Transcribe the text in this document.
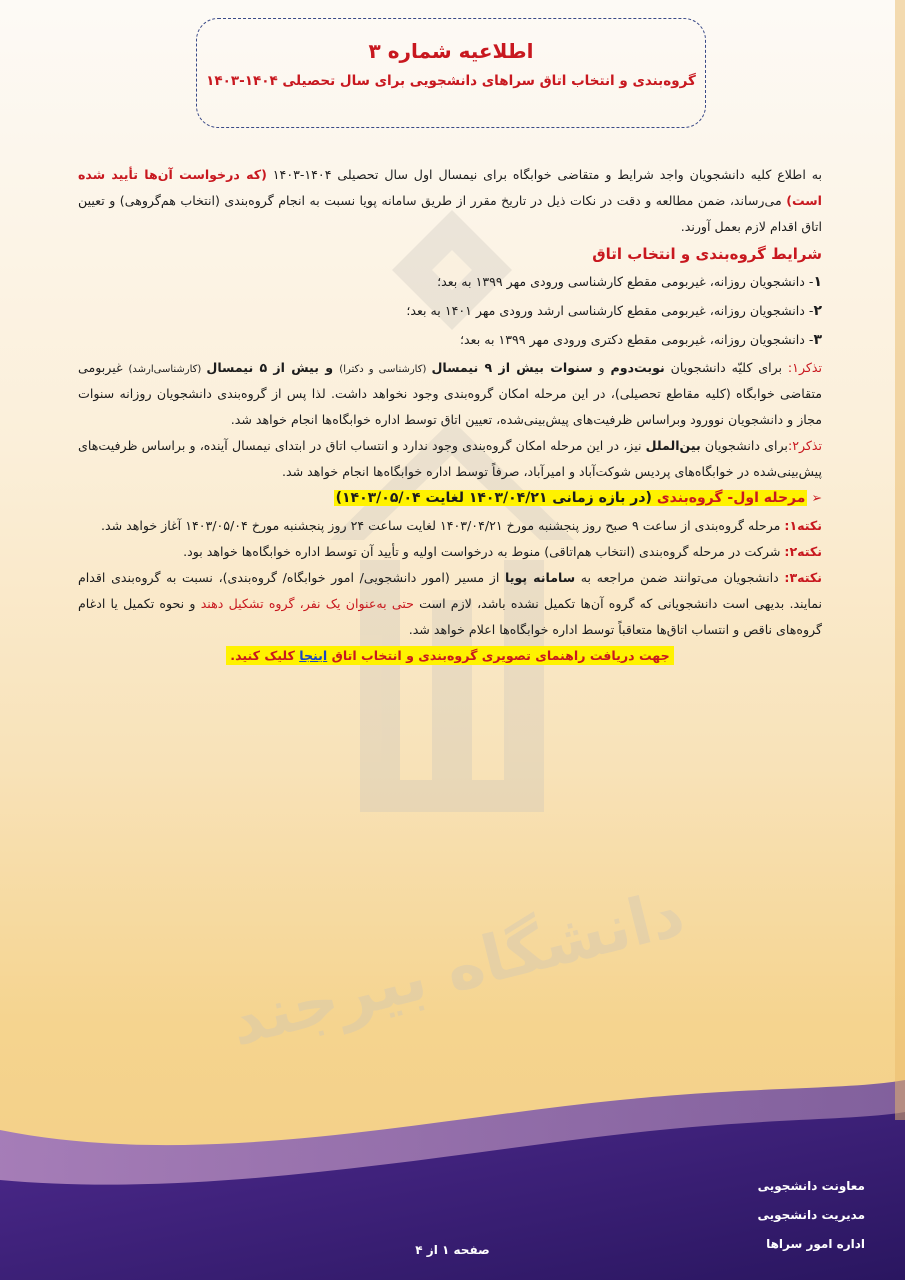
دانشگاه بیرجند
اطلاعیه شماره ۳
گروه‌بندی و انتخاب اتاق سراهای دانشجویی برای سال تحصیلی ۱۴۰۴-۱۴۰۳

به اطلاع کلیه دانشجویان واجد شرایط و متقاضی خوابگاه برای نیمسال اول سال تحصیلی ۱۴۰۴-۱۴۰۳ (که درخواست آن‌ها تأیید شده است) می‌رساند، ضمن مطالعه و دقت در نکات ذیل در تاریخ مقرر از طریق سامانه پویا نسبت به انجام گروه‌بندی (انتخاب هم‌گروهی) و تعیین اتاق اقدام لازم بعمل آورند.

شرایط گروه‌بندی و انتخاب اتاق

۱- دانشجویان روزانه، غیربومی مقطع کارشناسی ورودی مهر ۱۳۹۹ به بعد؛

۲- دانشجویان روزانه، غیربومی مقطع کارشناسی ارشد ورودی مهر ۱۴۰۱ به بعد؛

۳- دانشجویان روزانه، غیربومی مقطع دکتری ورودی مهر ۱۳۹۹ به بعد؛

تذکر۱: برای کلیّه دانشجویان نوبت‌دوم و سنوات بیش از ۹ نیمسال (کارشناسی و دکترا) و بیش از ۵ نیمسال (کارشناسی‌ارشد) غیربومی متقاضی خوابگاه (کلیه مقاطع تحصیلی)، در این مرحله امکان گروه‌بندی وجود نخواهد داشت. لذا پس از گروه‌بندی دانشجویان روزانه سنوات مجاز و دانشجویان نوورود وبراساس ظرفیت‌های پیش‌بینی‌شده، تعیین اتاق توسط اداره خوابگاه‌ها انجام خواهد شد.

تذکر۲:برای دانشجویان بین‌الملل نیز، در این مرحله امکان گروه‌بندی وجود ندارد و انتساب اتاق در ابتدای نیمسال آینده، و براساس ظرفیت‌های پیش‌بینی‌شده در خوابگاه‌های پردیس شوکت‌آباد و امیرآباد، صرفاً توسط اداره خوابگاه‌ها انجام خواهد شد.

➢ مرحله اول- گروه‌بندی (در بازه زمانی ۱۴۰۳/۰۴/۲۱ لغایت ۱۴۰۳/۰۵/۰۴)

نکته۱: مرحله گروه‌بندی از ساعت ۹ صبح روز پنجشنبه مورخ ۱۴۰۳/۰۴/۲۱ لغایت ساعت ۲۴ روز پنجشنبه مورخ ۱۴۰۳/۰۵/۰۴ آغاز خواهد شد.

نکته۲: شرکت در مرحله گروه‌بندی (انتخاب هم‌اتاقی) منوط به درخواست اولیه و تأیید آن توسط اداره خوابگاه‌ها خواهد بود.

نکته۳: دانشجویان می‌توانند ضمن مراجعه به سامانه پویا از مسیر (امور دانشجویی/ امور خوابگاه/ گروه‌بندی)، نسبت به گروه‌بندی اقدام نمایند. بدیهی است دانشجویانی که گروه آن‌ها تکمیل نشده باشد، لازم است حتی به‌عنوان یک نفر، گروه تشکیل دهند و نحوه تکمیل یا ادغام گروه‌های ناقص و انتساب اتاق‌ها متعاقباً توسط اداره خوابگاه‌ها اعلام خواهد شد.

جهت دریافت راهنمای تصویری گروه‌بندی و انتخاب اتاق اینجا کلیک کنید.

معاونت دانشجویی
مدیریت دانشجویی
اداره امور سراها
صفحه ۱ از ۴
